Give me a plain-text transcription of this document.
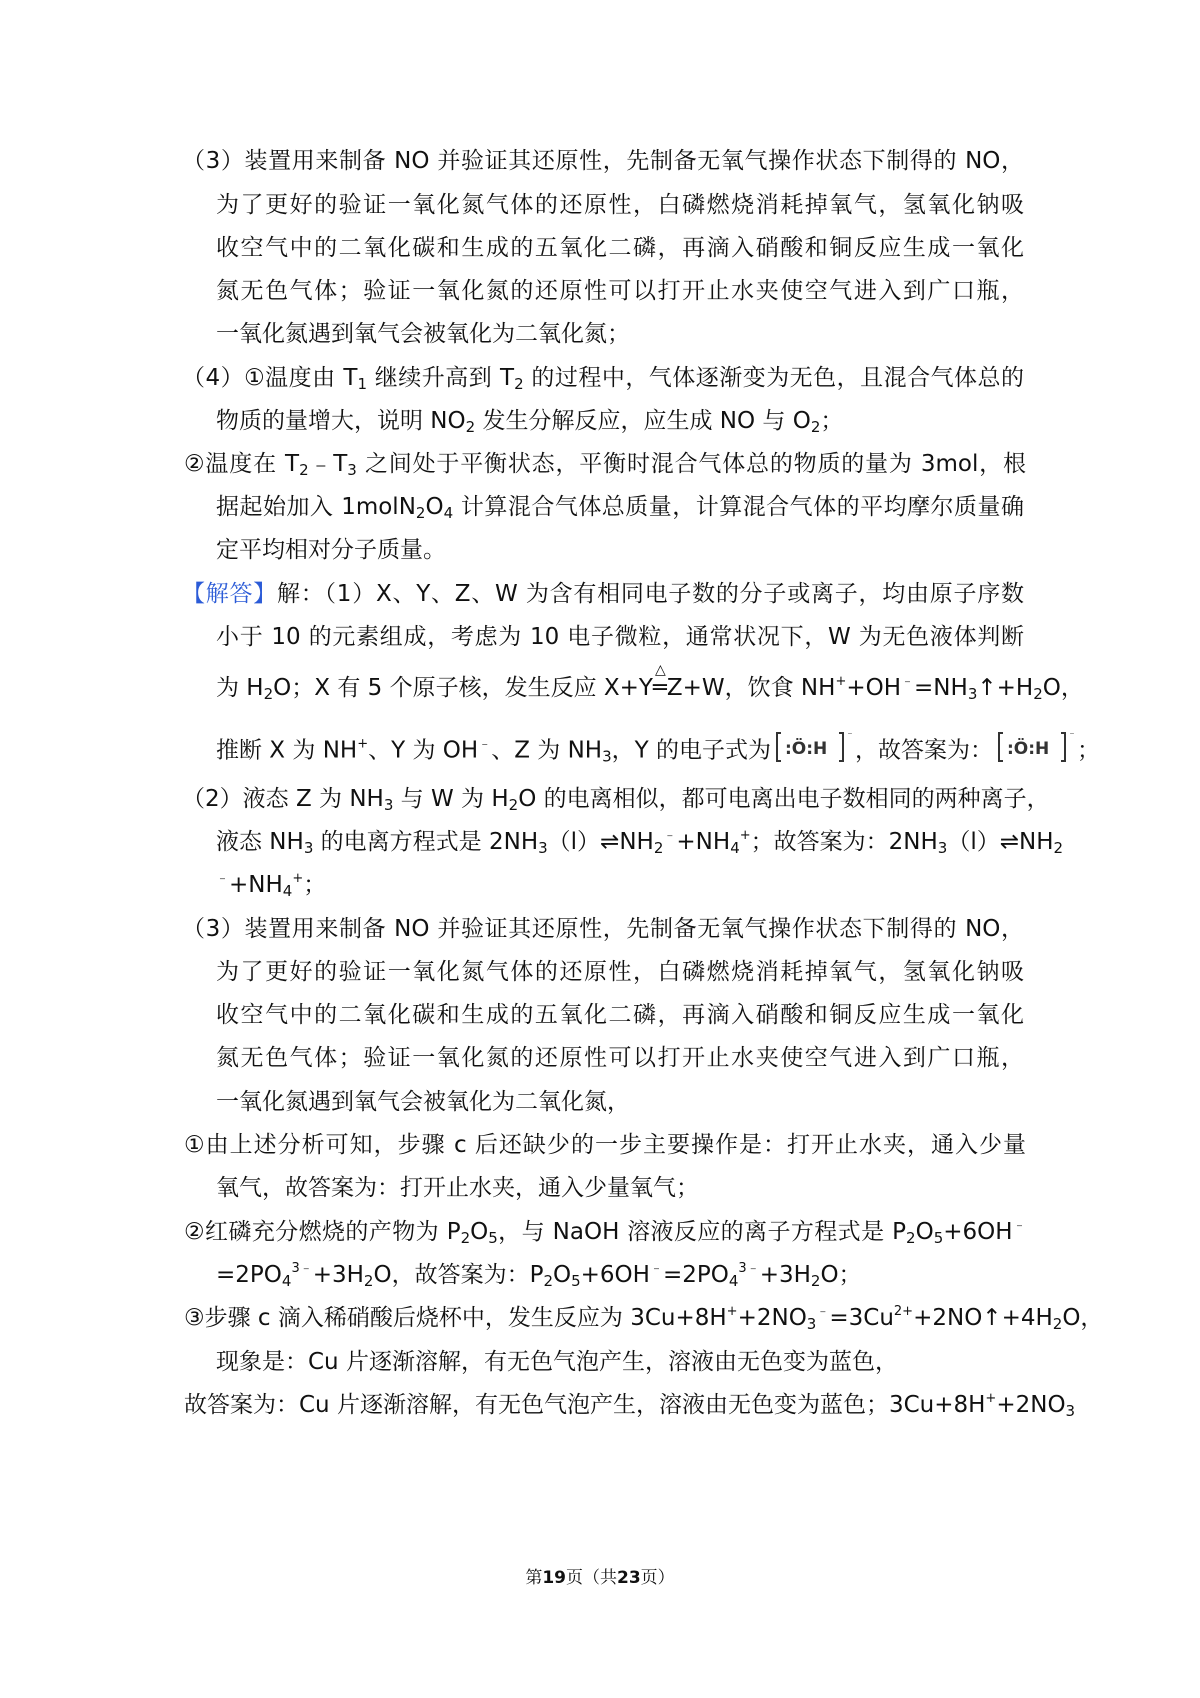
（3）装置用来制备 NO 并验证其还原性，先制备无氧气操作状态下制得的 NO，
为了更好的验证一氧化氮气体的还原性，白磷燃烧消耗掉氧气，氢氧化钠吸
收空气中的二氧化碳和生成的五氧化二磷，再滴入硝酸和铜反应生成一氧化
氮无色气体；验证一氧化氮的还原性可以打开止水夹使空气进入到广口瓶，
一氧化氮遇到氧气会被氧化为二氧化氮；
（4）①温度由 $T_1$ 继续升高到 $T_2$ 的过程中，气体逐渐变为无色，且混合气体总的
物质的量增大，说明 $NO_2$ 发生分解反应，应生成 NO 与 $O_2$；
②温度在 $T_2﹣T_3$ 之间处于平衡状态，平衡时混合气体总的物质的量为 3mol，根
据起始加入 $1molN_2O_4$ 计算混合气体总质量，计算混合气体的平均摩尔质量确
定平均相对分子质量。
【解答】解：（1）X、Y、Z、W 为含有相同电子数的分子或离子，均由原子序数
小于 10 的元素组成，考虑为 10 电子微粒，通常状况下，W 为无色液体判断
为 $H_2O$；X 有 5 个原子核，发生反应 X+Y
△
═Z+W，饮食 $NH^++OH^﹣=NH_3↑+H_2O$，
推断 X 为 NH+、Y 为 OH﹣、Z 为 $NH_3$，Y 的电子式为 :Ö:H
﹣
，故答案为： :Ö:H
﹣
；
（2）液态 Z 为 $NH_3$ 与 W 为 $H_2O$ 的电离相似，都可电离出电子数相同的两种离子，
液态 $NH_3$ 的电离方程式是 $2NH_3(l)\rightleftharpoons NH_2^﹣+NH_4^+$；故答案为：$2NH_3(l)\rightleftharpoons NH_2$
$^﹣+NH_4^+$；
（3）装置用来制备 NO 并验证其还原性，先制备无氧气操作状态下制得的 NO，
为了更好的验证一氧化氮气体的还原性，白磷燃烧消耗掉氧气，氢氧化钠吸
收空气中的二氧化碳和生成的五氧化二磷，再滴入硝酸和铜反应生成一氧化
氮无色气体；验证一氧化氮的还原性可以打开止水夹使空气进入到广口瓶，
一氧化氮遇到氧气会被氧化为二氧化氮，
①由上述分析可知，步骤 c 后还缺少的一步主要操作是：打开止水夹，通入少量
氧气，故答案为：打开止水夹，通入少量氧气；
②红磷充分燃烧的产物为 $P_2O_5$，与 NaOH 溶液反应的离子方程式是 $P_2O_5+6OH^﹣$
$=2PO_4^{3﹣}+3H_2O$，故答案为：$P_2O_5+6OH^﹣=2PO_4^{3﹣}+3H_2O$；
③步骤 c 滴入稀硝酸后烧杯中，发生反应为 $3Cu+8H^++2NO_3^﹣=3Cu^{2+}+2NO↑+4H_2O$，
现象是：Cu 片逐渐溶解，有无色气泡产生，溶液由无色变为蓝色，
故答案为：Cu 片逐渐溶解，有无色气泡产生，溶液由无色变为蓝色；$3Cu+8H^++2NO_3$
第19页（共23页）
